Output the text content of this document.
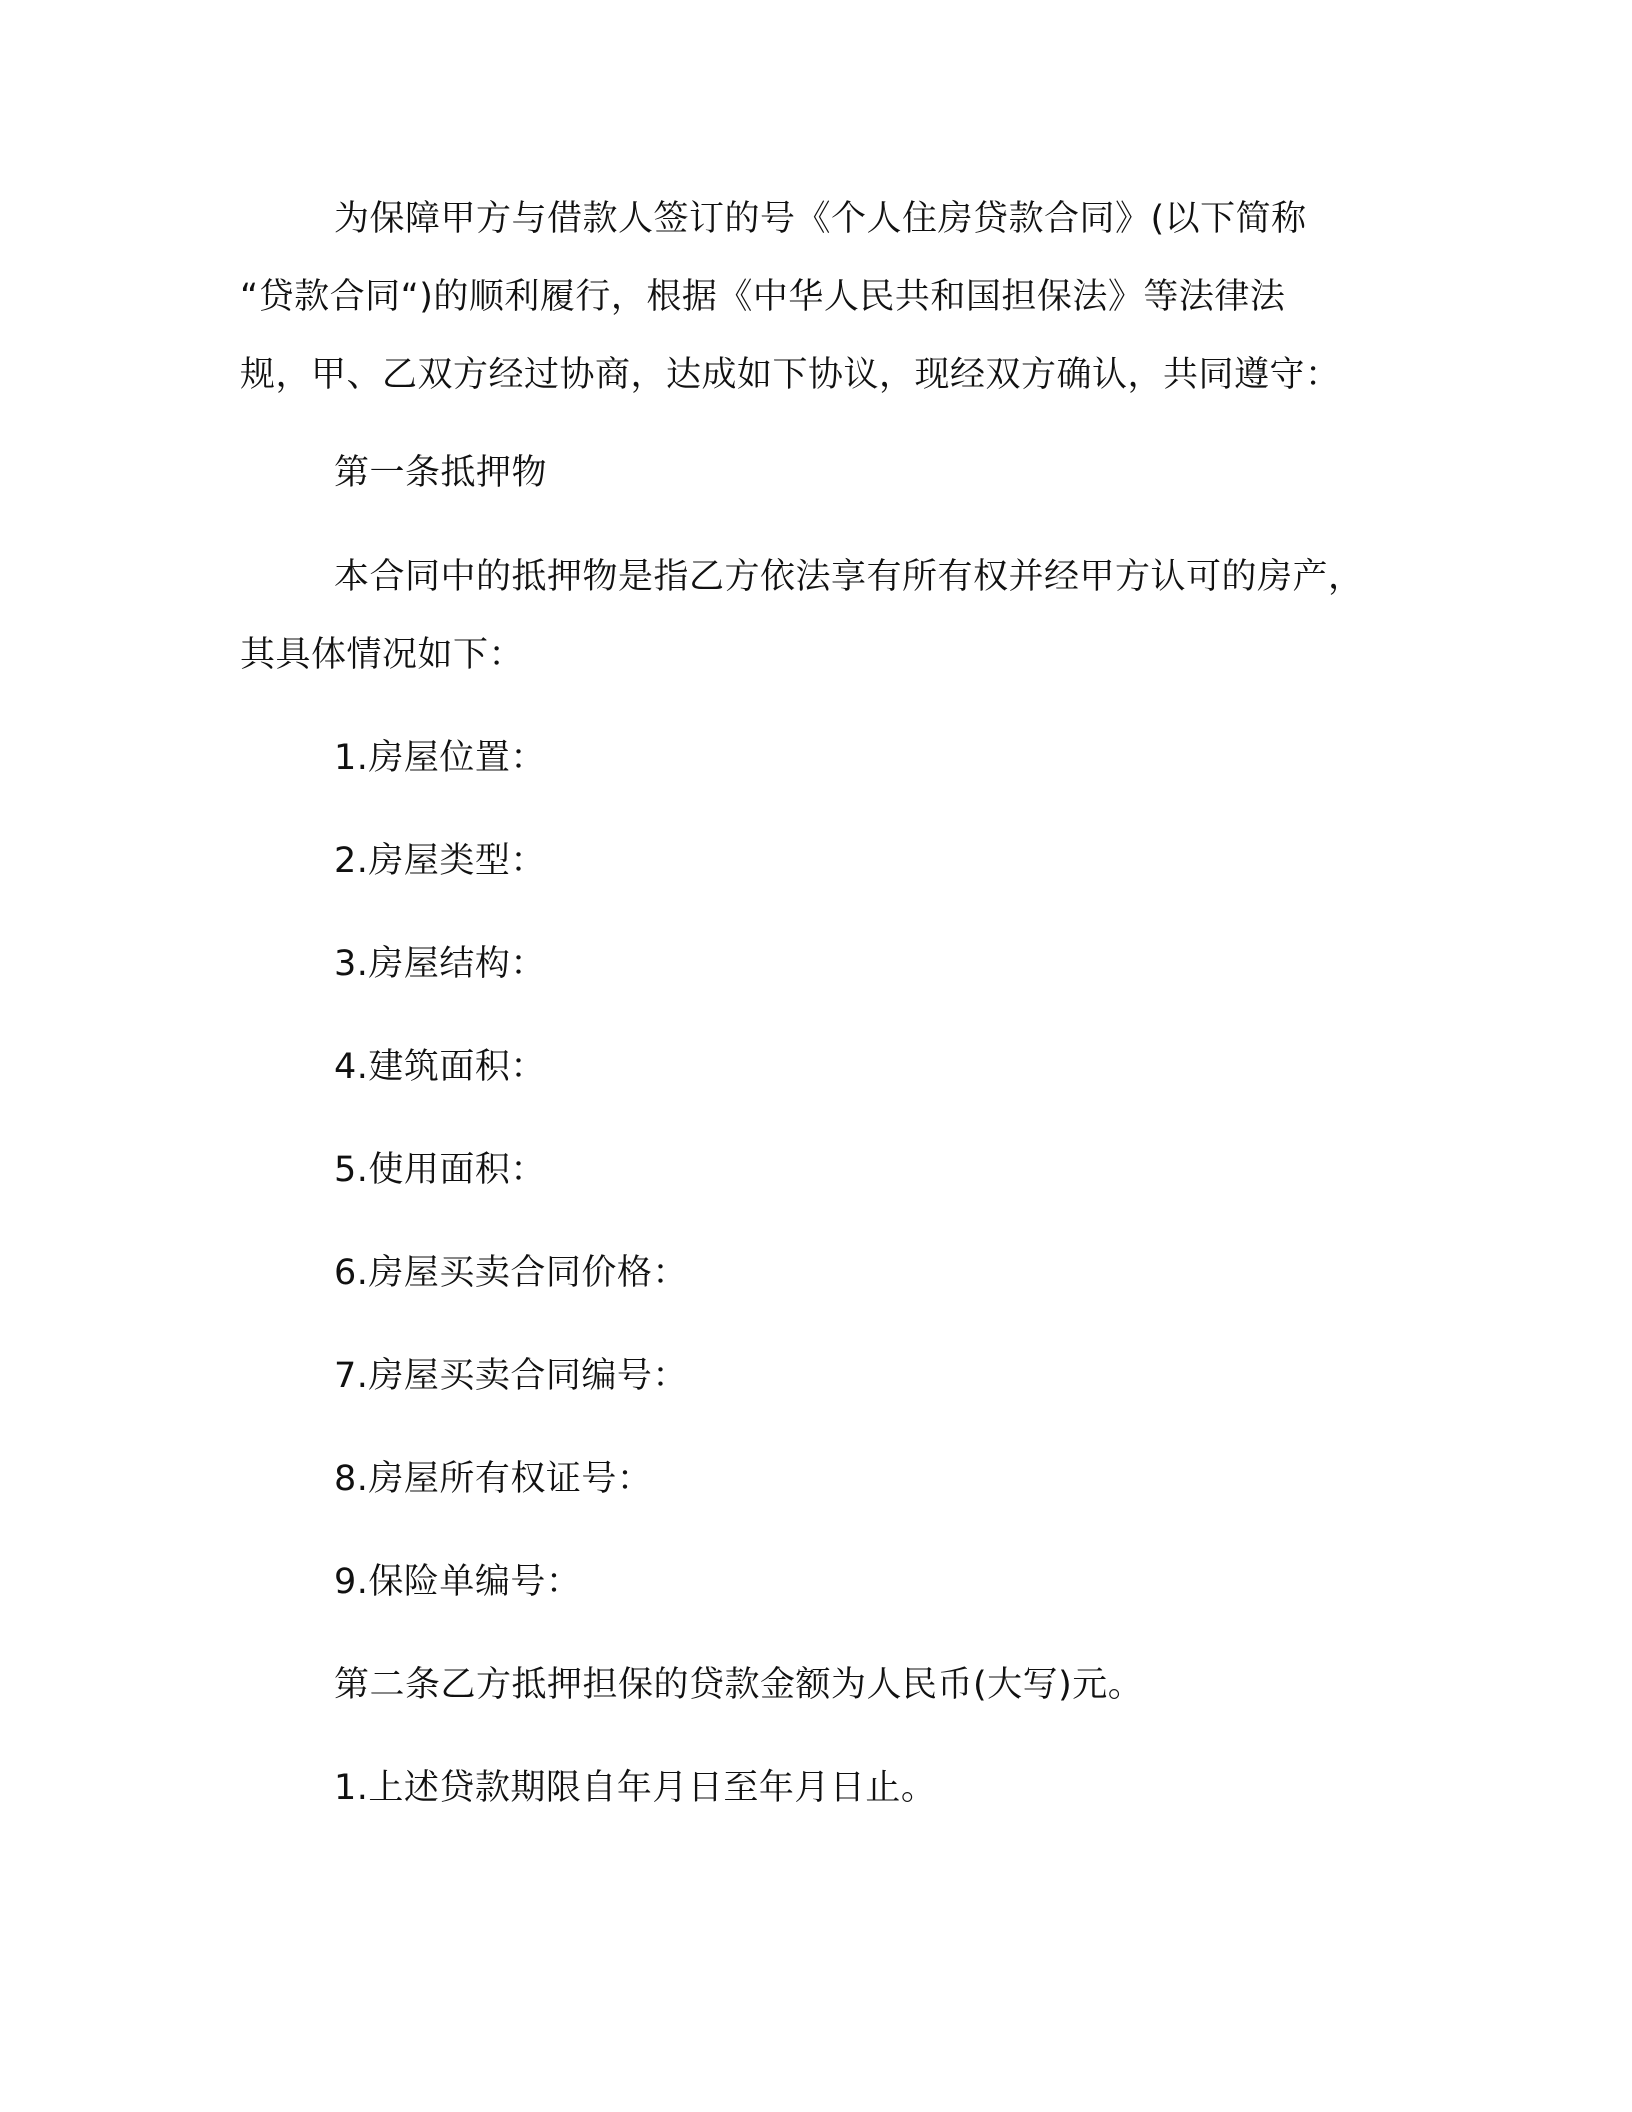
为保障甲方与借款人签订的号《个人住房贷款合同》(以下简称

“贷款合同“)的顺利履行，根据《中华人民共和国担保法》等法律法

规，甲、乙双方经过协商，达成如下协议，现经双方确认，共同遵守：

第一条抵押物

本合同中的抵押物是指乙方依法享有所有权并经甲方认可的房产，

其具体情况如下：

1.房屋位置：

2.房屋类型：

3.房屋结构：

4.建筑面积：

5.使用面积：

6.房屋买卖合同价格：

7.房屋买卖合同编号：

8.房屋所有权证号：

9.保险单编号：

第二条乙方抵押担保的贷款金额为人民币(大写)元。

1.上述贷款期限自年月日至年月日止。
